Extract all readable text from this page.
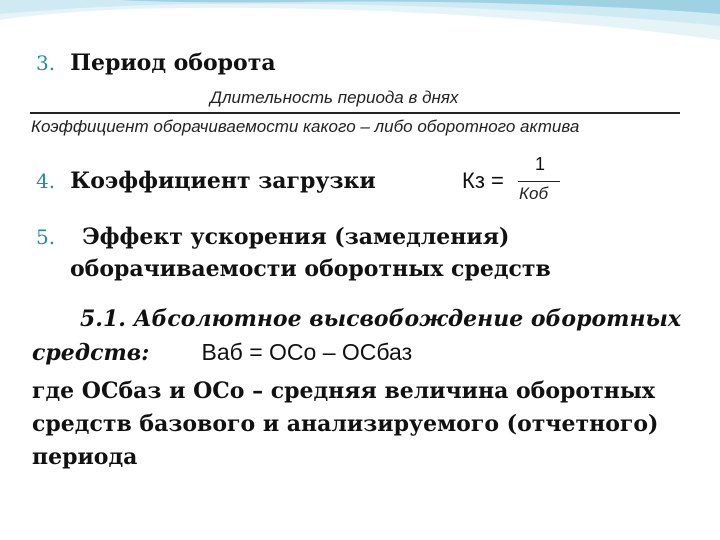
3. Период оборота
Длительность периода в днях
Коэффициент оборачиваемости какого – либо оборотного актива
4. Коэффициент загрузки	Кз =
1
Коб
5. Эффект ускорения (замедления)
оборачиваемости оборотных средств
5.1. Абсолютное высвобождение оборотных
средств: Ваб = ОСо – ОСбаз
где ОСбаз и ОСо – средняя величина оборотных
средств базового и анализируемого (отчетного)
периода
